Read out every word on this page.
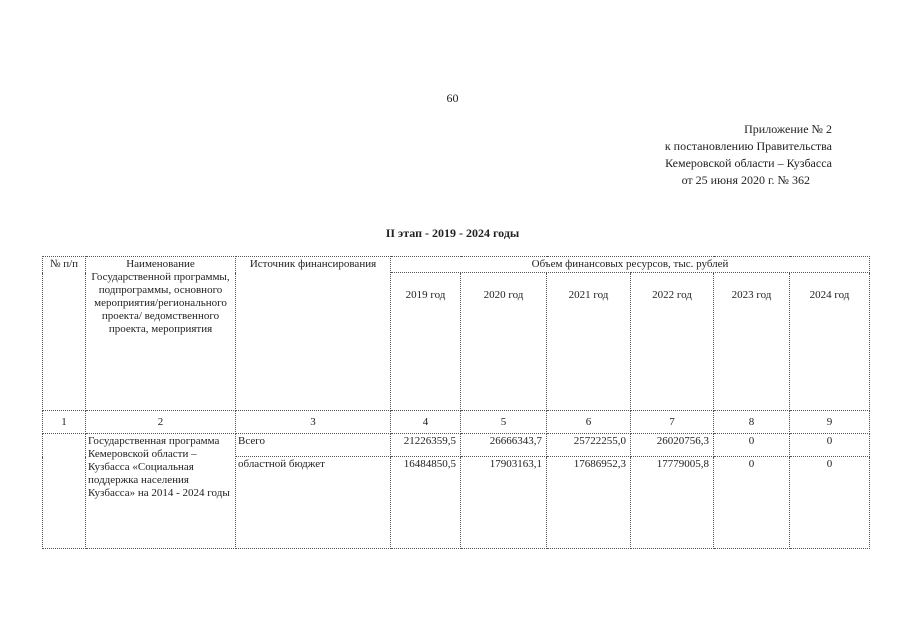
60
Приложение № 2
к постановлению Правительства
Кемеровской области – Кузбасса
от 25 июня 2020 г. № 362
II этап - 2019 - 2024 годы
№ п/п	Наименование Государственной программы, подпрограммы, основного мероприятия/регионального проекта/ ведомственного проекта, мероприятия	Источник финансирования	Объем финансовых ресурсов, тыс. рублей					
			2019 год	2020 год	2021 год	2022 год	2023 год	2024 год
1	2	3	4	5	6	7	8	9
	Государственная программа Кемеровской области – Кузбасса «Социальная поддержка населения Кузбасса» на 2014 - 2024 годы	Всего	21226359,5	26666343,7	25722255,0	26020756,3	0	0
		областной бюджет	16484850,5	17903163,1	17686952,3	17779005,8	0	0
